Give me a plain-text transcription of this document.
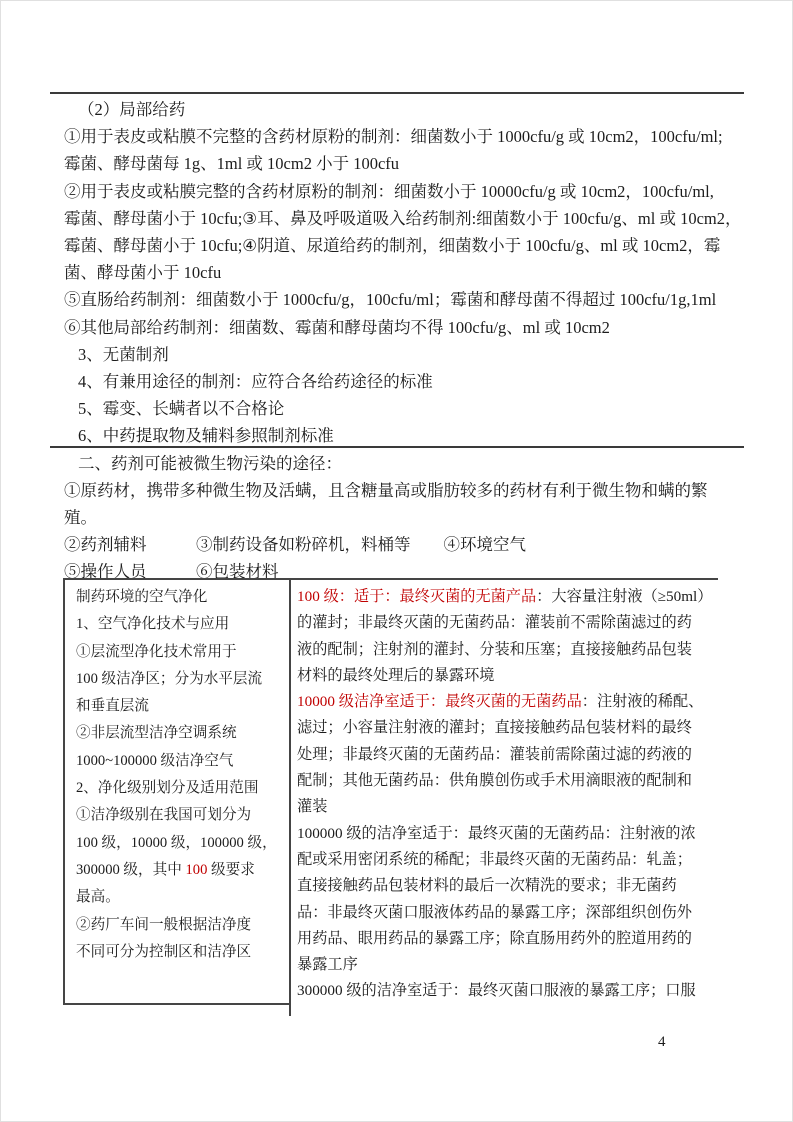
（2）局部给药
①用于表皮或粘膜不完整的含药材原粉的制剂：细菌数小于 1000cfu/g 或 10cm2，100cfu/ml;
霉菌、酵母菌每 1g、1ml 或 10cm2 小于 100cfu
②用于表皮或粘膜完整的含药材原粉的制剂：细菌数小于 10000cfu/g 或 10cm2，100cfu/ml,
霉菌、酵母菌小于 10cfu;③耳、鼻及呼吸道吸入给药制剂:细菌数小于 100cfu/g、ml 或 10cm2，
霉菌、酵母菌小于 10cfu;④阴道、尿道给药的制剂，细菌数小于 100cfu/g、ml 或 10cm2，霉
菌、酵母菌小于 10cfu
⑤直肠给药制剂：细菌数小于 1000cfu/g，100cfu/ml；霉菌和酵母菌不得超过 100cfu/1g,1ml
⑥其他局部给药制剂：细菌数、霉菌和酵母菌均不得 100cfu/g、ml 或 10cm2
3、无菌制剂
4、有兼用途径的制剂：应符合各给药途径的标准
5、霉变、长螨者以不合格论
6、中药提取物及辅料参照制剂标准
二、药剂可能被微生物污染的途径：
①原药材，携带多种微生物及活螨，且含糖量高或脂肪较多的药材有利于微生物和螨的繁
殖。
②药剂辅料　　　③制药设备如粉碎机，料桶等　　④环境空气
⑤操作人员　　　⑥包装材料
制药环境的空气净化
1、空气净化技术与应用
①层流型净化技术常用于
100 级洁净区；分为水平层流
和垂直层流
②非层流型洁净空调系统
1000~100000 级洁净空气
2、净化级别划分及适用范围
①洁净级别在我国可划分为
100 级，10000 级，100000 级，
300000 级，其中 100 级要求
最高。
②药厂车间一般根据洁净度
不同可分为控制区和洁净区
100 级：适于：最终灭菌的无菌产品：大容量注射液（≥50ml）
的灌封；非最终灭菌的无菌药品：灌装前不需除菌滤过的药
液的配制；注射剂的灌封、分装和压塞；直接接触药品包装
材料的最终处理后的暴露环境
10000 级洁净室适于：最终灭菌的无菌药品：注射液的稀配、
滤过；小容量注射液的灌封；直接接触药品包装材料的最终
处理；非最终灭菌的无菌药品：灌装前需除菌过滤的药液的
配制；其他无菌药品：供角膜创伤或手术用滴眼液的配制和
灌装
100000 级的洁净室适于：最终灭菌的无菌药品：注射液的浓
配或采用密闭系统的稀配；非最终灭菌的无菌药品：轧盖；
直接接触药品包装材料的最后一次精洗的要求；非无菌药
品：非最终灭菌口服液体药品的暴露工序；深部组织创伤外
用药品、眼用药品的暴露工序；除直肠用药外的腔道用药的
暴露工序
300000 级的洁净室适于：最终灭菌口服液的暴露工序；口服
4
